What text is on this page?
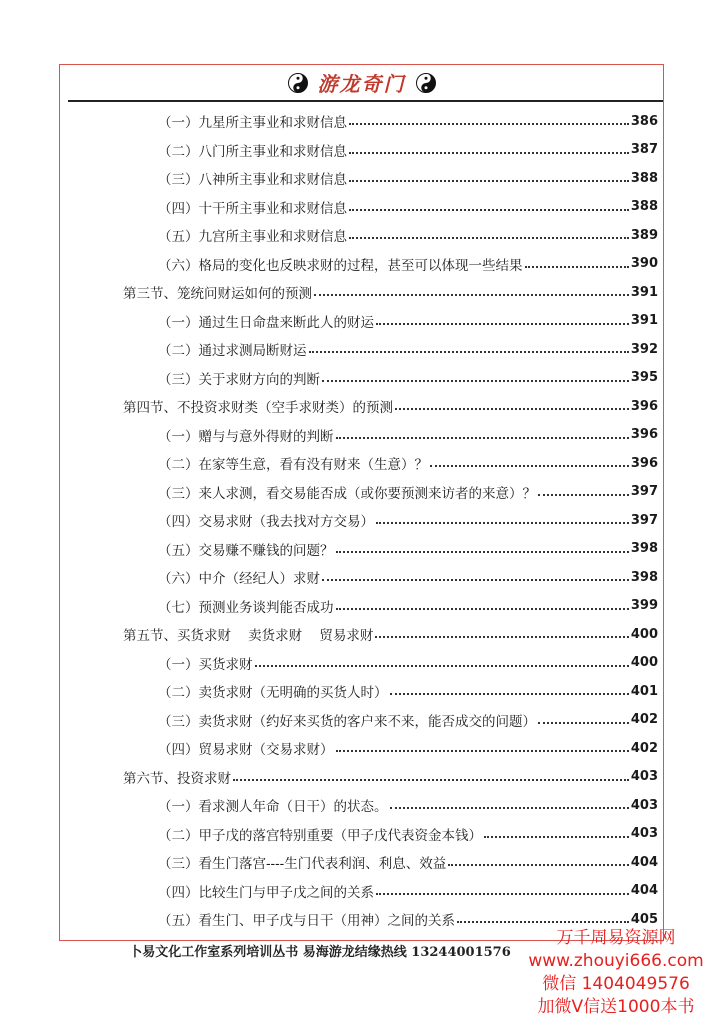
游龙奇门
（一）九星所主事业和求财信息	386
（二）八门所主事业和求财信息	387
（三）八神所主事业和求财信息	388
（四）十干所主事业和求财信息	388
（五）九宫所主事业和求财信息	389
（六）格局的变化也反映求财的过程，甚至可以体现一些结果	390
第三节、笼统问财运如何的预测	391
（一）通过生日命盘来断此人的财运	391
（二）通过求测局断财运	392
（三）关于求财方向的判断	395
第四节、不投资求财类（空手求财类）的预测	396
（一）赠与与意外得财的判断	396
（二）在家等生意，看有没有财来（生意）？	396
（三）来人求测，看交易能否成（或你要预测来访者的来意）？	397
（四）交易求财（我去找对方交易）	397
（五）交易赚不赚钱的问题？	398
（六）中介（经纪人）求财	398
（七）预测业务谈判能否成功	399
第五节、买货求财    卖货求财    贸易求财	400
（一）买货求财	400
（二）卖货求财（无明确的买货人时）	401
（三）卖货求财（约好来买货的客户来不来，能否成交的问题）	402
（四）贸易求财（交易求财）	402
第六节、投资求财	403
（一）看求测人年命（日干）的状态。	403
（二）甲子戊的落宫特别重要（甲子戊代表资金本钱）	403
（三）看生门落宫----生门代表利润、利息、效益	404
（四）比较生门与甲子戊之间的关系	404
（五）看生门、甲子戊与日干（用神）之间的关系	405
卜易文化工作室系列培训丛书 易海游龙结缘热线 13244001576
万千周易资源网
www.zhouyi666.com
微信 1404049576
加微V信送1000本书
